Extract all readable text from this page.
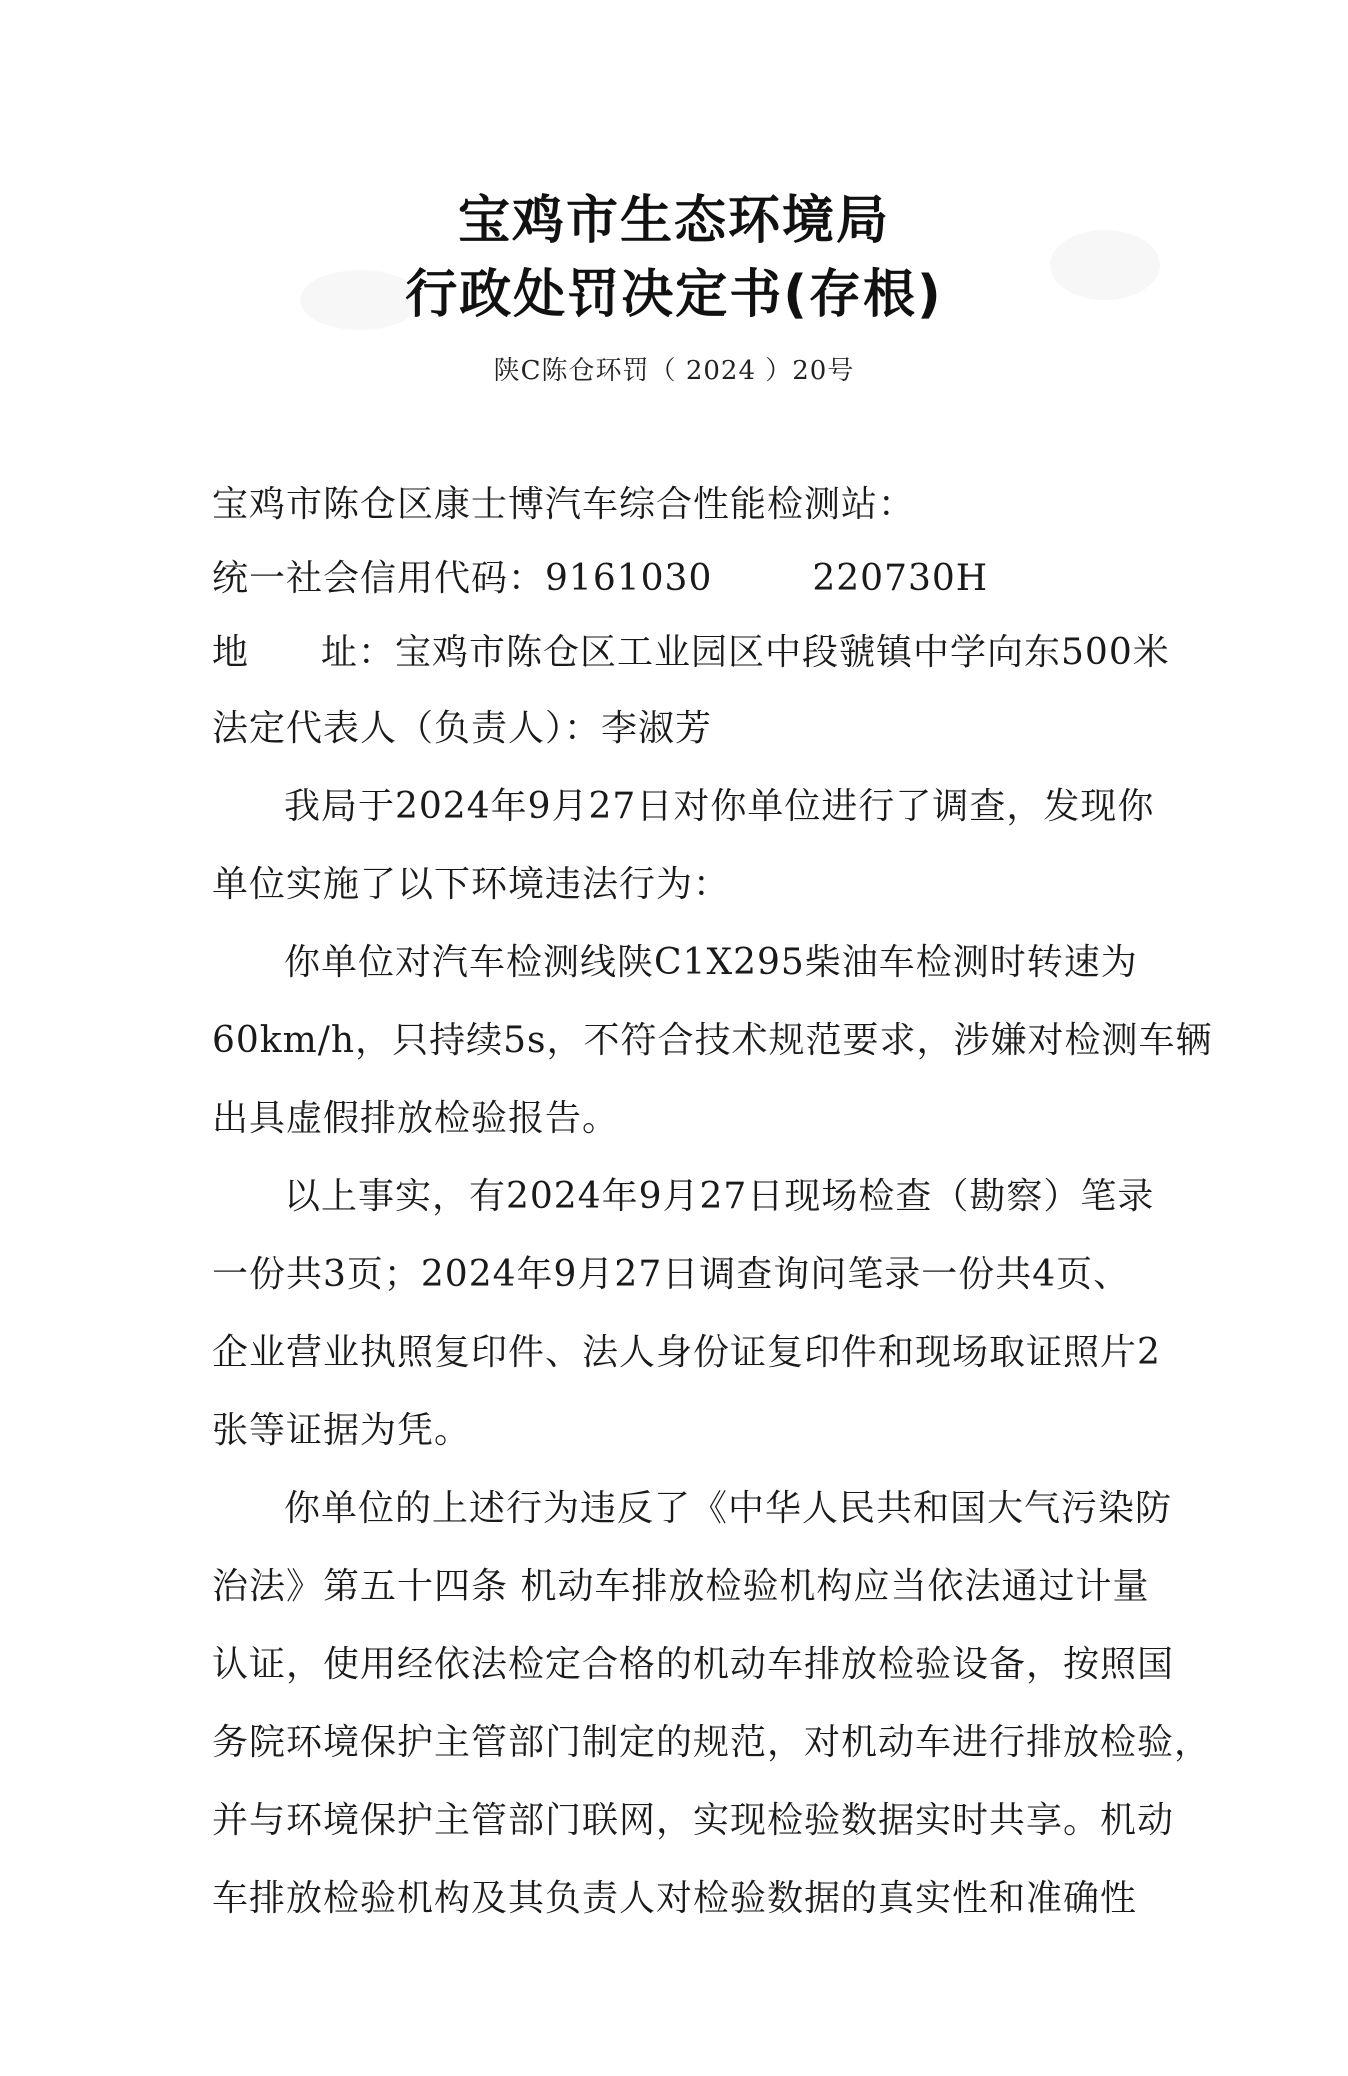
宝鸡市生态环境局
行政处罚决定书(存根)
陕C陈仓环罚（ 2024 ）20号
宝鸡市陈仓区康士博汽车综合性能检测站：
统一社会信用代码：9161030	220730H
地 址：宝鸡市陈仓区工业园区中段虢镇中学向东500米
法定代表人（负责人）：李淑芳
我局于2024年9月27日对你单位进行了调查，发现你
单位实施了以下环境违法行为：
你单位对汽车检测线陕C1X295柴油车检测时转速为
60km/h，只持续5s，不符合技术规范要求，涉嫌对检测车辆
出具虚假排放检验报告。
以上事实，有2024年9月27日现场检查（勘察）笔录
一份共3页；2024年9月27日调查询问笔录一份共4页、
企业营业执照复印件、法人身份证复印件和现场取证照片2
张等证据为凭。
你单位的上述行为违反了《中华人民共和国大气污染防
治法》第五十四条 机动车排放检验机构应当依法通过计量
认证，使用经依法检定合格的机动车排放检验设备，按照国
务院环境保护主管部门制定的规范，对机动车进行排放检验，
并与环境保护主管部门联网，实现检验数据实时共享。机动
车排放检验机构及其负责人对检验数据的真实性和准确性
